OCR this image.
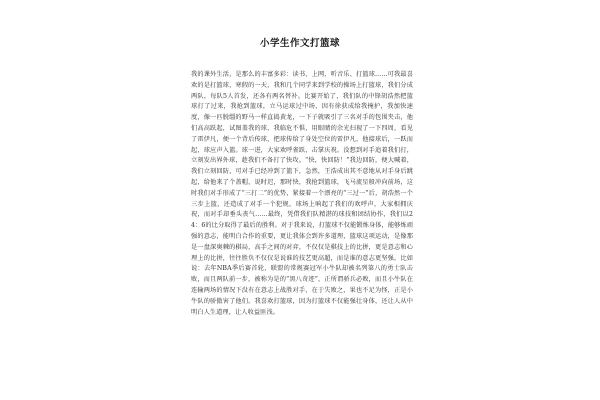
小学生作文打篮球

我的课外生活，是那么的丰富多彩：读书、上网、听音乐、打篮球……可我最喜欢的是打篮球，寒假的一天，我和几个同学来到学校的操场上打篮球，我们分成两队，每队5人首发，还各有两名替补。比赛开始了，我们队的中锋胡浩然把篮球打了过来，我抢到篮球，立马运球过中场，因有徐获成给我掩护，我加快速度，像一匹脱缰的野马一样直捣黄龙，一下子就吸引了三名对手的包围夹击，他们高高跃起，试图盖我的球，我临危不惧，用眼睛的余光扫视了一下四周，看见了雷伊凡，便一个背后传球，把球传给了身处空位的雷伊凡，他接球后，一跃而起，球应声入篮。球一进，大家欢呼雀跃，击掌庆祝。没想到对手追着我们打，立刻发出界外球，趁我们不备打了快攻。“快，快回防！”我边回防，便大喊着，我们立刻回防，可对手已经冲到了篮下，急然，王浩成出其不意地从对手身后跳起，给他来了个盖帽，说时迟，那时快，我抢到篮球，飞马流星般冲向前场，这时我们对手形成了“三打二”的优势，紧接着一个漂亮的“三过一”后，胡浩然一个三步上篮，还造成了对手一个犯规，球场上响起了我们的欢呼声，大家相拥庆祝，而对手却垂头丧气……最终，凭借我们队精湛的球技和团结协作，我们以24：6的比分取得了最后的胜利。对于我来说，打篮球不仅能锻炼身体，能够炼顽强的意志，能明白合作的重要，更让我体会到许多道理，篮球这项运动，是像那是一盘深奥棘的棋局，高手之间的对弈，不仅仅是棋技上的比拼，更是意志和心理上的比拼，往往胜负不仅仅是说谁的技艺更高超，而是谁的意志更坚强。比如说：去年NBA季后赛首轮，联盟的常规赛冠军小牛队却被名列第八的勇士队击败，而且两队前一步，被称为是的“黑八奇迹”，正所谓骄兵必败，而且小牛队在连输两场的情况下没有在意志上战胜对手，在于失败之，果也不足为怪，正是小牛队的骄傲害了他们。我喜欢打篮球，因为打篮球不仅能强壮身体，还让人从中明白人生道理，让人收益匪浅。
